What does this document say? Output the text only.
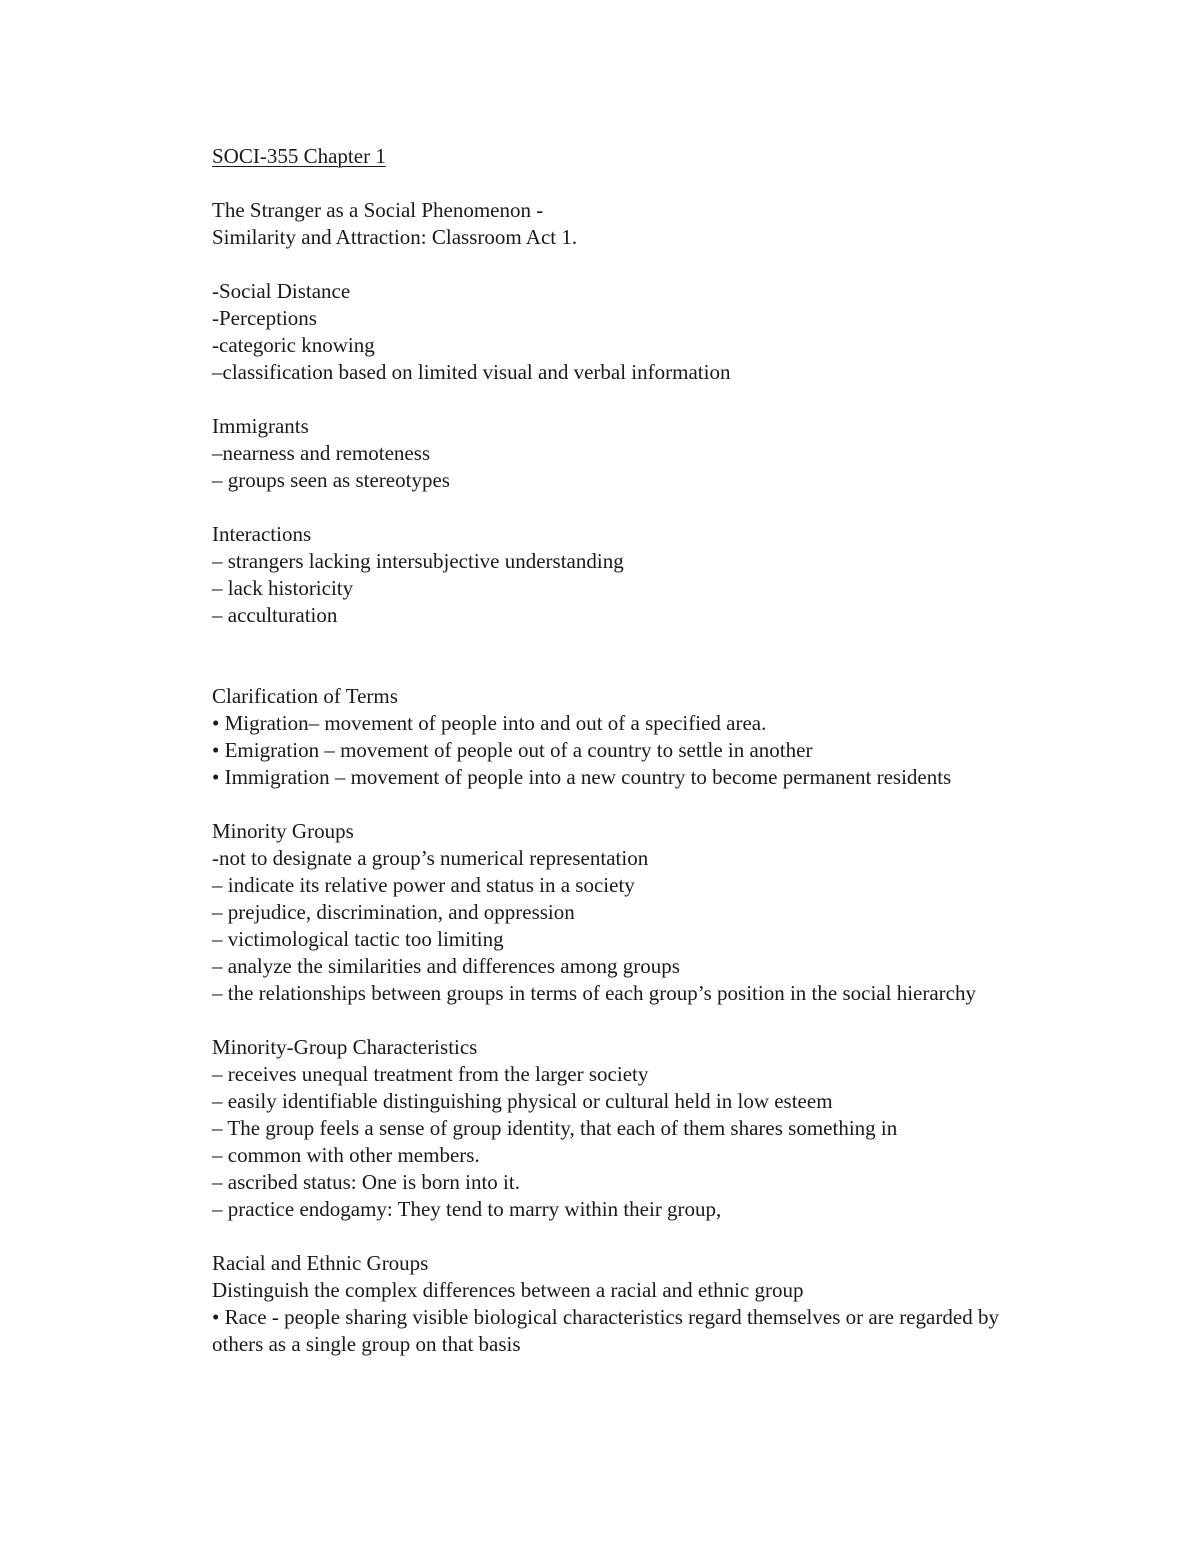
SOCI-355 Chapter 1

The Stranger as a Social Phenomenon -

Similarity and Attraction: Classroom Act 1.

-Social Distance

-Perceptions

-categoric knowing

–classification based on limited visual and verbal information

Immigrants

–nearness and remoteness

– groups seen as stereotypes

Interactions

– strangers lacking intersubjective understanding

– lack historicity

– acculturation

Clarification of Terms

• Migration– movement of people into and out of a specified area.

• Emigration – movement of people out of a country to settle in another

• Immigration – movement of people into a new country to become permanent residents

Minority Groups

-not to designate a group’s numerical representation

– indicate its relative power and status in a society

– prejudice, discrimination, and oppression

– victimological tactic too limiting

– analyze the similarities and differences among groups

– the relationships between groups in terms of each group’s position in the social hierarchy

Minority-Group Characteristics

– receives unequal treatment from the larger society

– easily identifiable distinguishing physical or cultural held in low esteem

– The group feels a sense of group identity, that each of them shares something in

– common with other members.

– ascribed status: One is born into it.

– practice endogamy: They tend to marry within their group,

Racial and Ethnic Groups

Distinguish the complex differences between a racial and ethnic group

• Race - people sharing visible biological characteristics regard themselves or are regarded by others as a single group on that basis
